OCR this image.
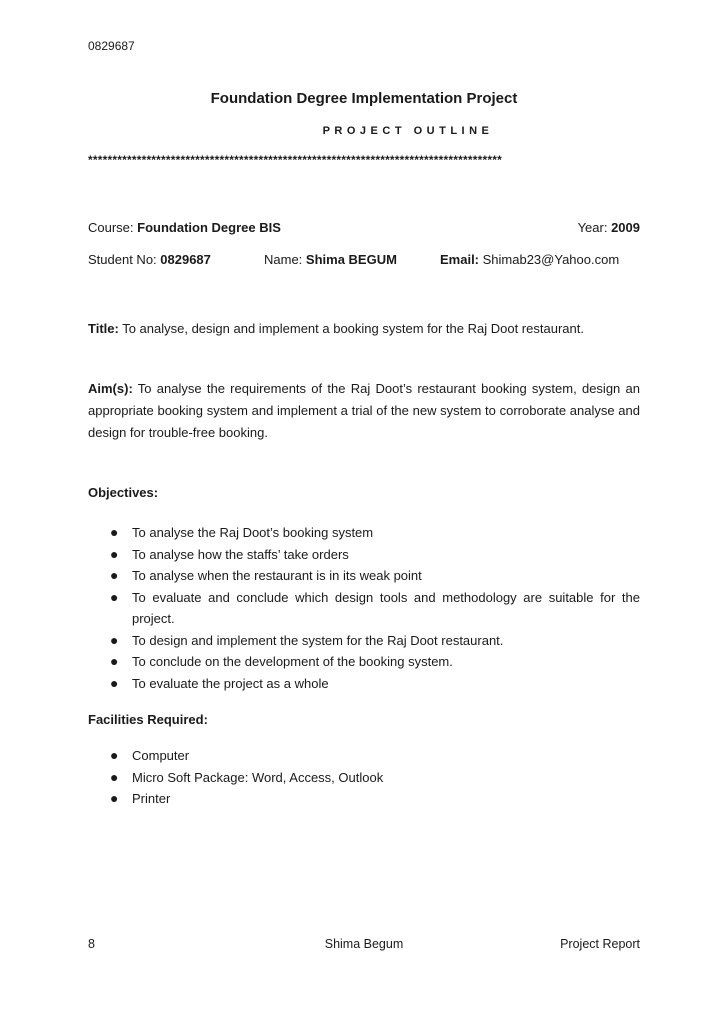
0829687
Foundation Degree Implementation Project
PROJECT OUTLINE
*************************************************************************************
Course: Foundation Degree BIS	Year: 2009
Student No: 0829687	Name: Shima BEGUM	Email: Shimab23@Yahoo.com
Title: To analyse, design and implement a booking system for the Raj Doot restaurant.
Aim(s): To analyse the requirements of the Raj Doot’s restaurant booking system, design an appropriate booking system and implement a trial of the new system to corroborate analyse and design for trouble-free booking.
Objectives:
● To analyse the Raj Doot’s booking system
● To analyse how the staffs’ take orders
● To analyse when the restaurant is in its weak point
● To evaluate and conclude which design tools and methodology are suitable for the project.
● To design and implement the system for the Raj Doot restaurant.
● To conclude on the development of the booking system.
● To evaluate the project as a whole
Facilities Required:
● Computer
● Micro Soft Package: Word, Access, Outlook
● Printer
8	Shima Begum	Project Report
